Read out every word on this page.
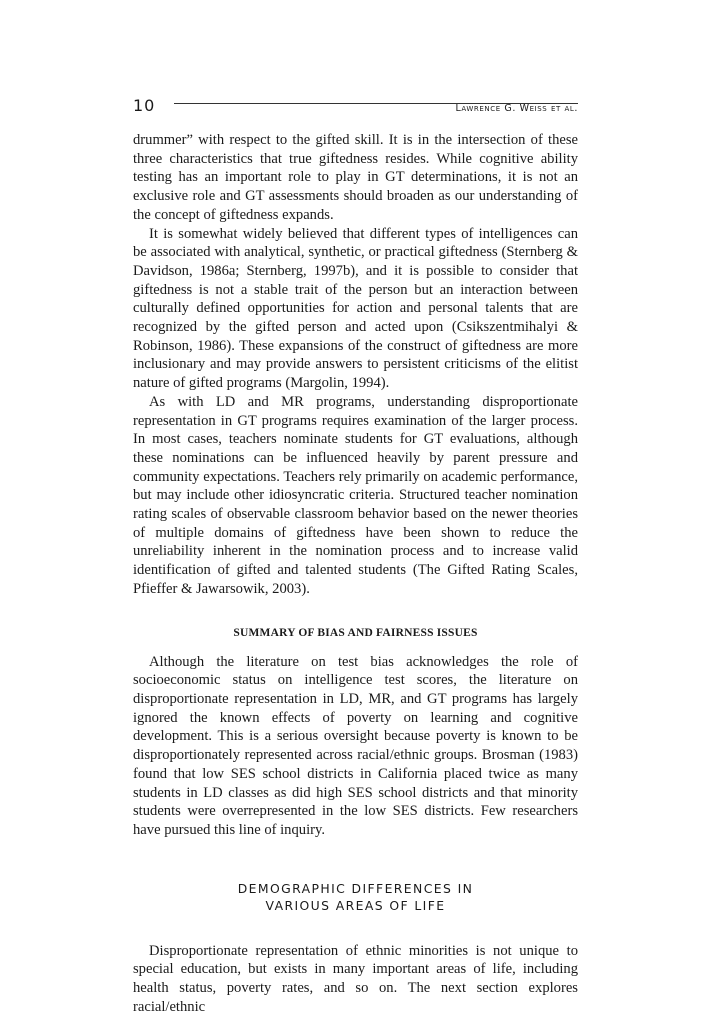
10	Lawrence G. Weiss et al.

drummer” with respect to the gifted skill. It is in the intersection of these three characteristics that true giftedness resides. While cognitive ability testing has an important role to play in GT determinations, it is not an exclusive role and GT assessments should broaden as our understanding of the concept of giftedness expands.

It is somewhat widely believed that different types of intelligences can be associated with analytical, synthetic, or practical giftedness (Sternberg & Davidson, 1986a; Sternberg, 1997b), and it is possible to consider that giftedness is not a stable trait of the person but an interaction between culturally defined opportunities for action and personal talents that are recognized by the gifted person and acted upon (Csikszentmihalyi & Robinson, 1986). These expansions of the construct of giftedness are more inclusionary and may provide answers to persistent criticisms of the elitist nature of gifted programs (Margolin, 1994).

As with LD and MR programs, understanding disproportionate representation in GT programs requires examination of the larger process. In most cases, teachers nominate students for GT evaluations, although these nominations can be influenced heavily by parent pressure and community expectations. Teachers rely primarily on academic performance, but may include other idiosyncratic criteria. Structured teacher nomination rating scales of observable classroom behavior based on the newer theories of multiple domains of giftedness have been shown to reduce the unreliability inherent in the nomination process and to increase valid identification of gifted and talented students (The Gifted Rating Scales, Pfieffer & Jawarsowik, 2003).

SUMMARY OF BIAS AND FAIRNESS ISSUES

Although the literature on test bias acknowledges the role of socioeconomic status on intelligence test scores, the literature on disproportionate representation in LD, MR, and GT programs has largely ignored the known effects of poverty on learning and cognitive development. This is a serious oversight because poverty is known to be disproportionately represented across racial/ethnic groups. Brosman (1983) found that low SES school districts in California placed twice as many students in LD classes as did high SES school districts and that minority students were overrepresented in the low SES districts. Few researchers have pursued this line of inquiry.

DEMOGRAPHIC DIFFERENCES IN
VARIOUS AREAS OF LIFE

Disproportionate representation of ethnic minorities is not unique to special education, but exists in many important areas of life, including health status, poverty rates, and so on. The next section explores racial/ethnic
